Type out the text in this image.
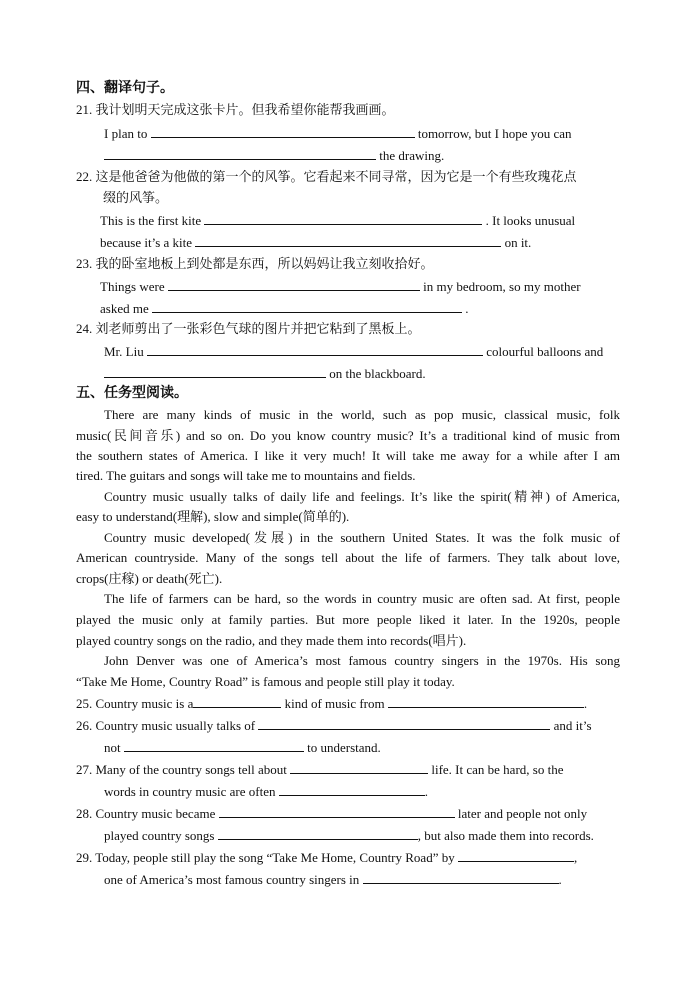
四、翻译句子。
21. 我计划明天完成这张卡片。但我希望你能帮我画画。
I plan to	tomorrow, but I hope you can
the drawing.
22. 这是他爸爸为他做的第一个的风筝。它看起来不同寻常，因为它是一个有些玫瑰花点
缀的风筝。
This is the first kite	. It looks unusual
because it’s a kite	on it.
23. 我的卧室地板上到处都是东西，所以妈妈让我立刻收拾好。
Things were	in my bedroom, so my mother
asked me	.
24. 刘老师剪出了一张彩色气球的图片并把它粘到了黑板上。
Mr. Liu	colourful balloons and
on the blackboard.
五、任务型阅读。
There are many kinds of music in the world, such as pop music, classical music, folk
music(民间音乐) and so on. Do you know country music? It’s a traditional kind of music from
the southern states of America. I like it very much! It will take me away for a while after I am
tired. The guitars and songs will take me to mountains and fields.
Country music usually talks of daily life and feelings. It’s like the spirit(精神) of America,
easy to understand(理解), slow and simple(简单的).
Country music developed(发展) in the southern United States. It was the folk music of
American countryside. Many of the songs tell about the life of farmers. They talk about love,
crops(庄稼) or death(死亡).
The life of farmers can be hard, so the words in country music are often sad. At first, people
played the music only at family parties. But more people liked it later. In the 1920s, people
played country songs on the radio, and they made them into records(唱片).
John Denver was one of America’s most famous country singers in the 1970s. His song
“Take Me Home, Country Road” is famous and people still play it today.
25. Country music is a	kind of music from	.
26. Country music usually talks of	and it’s
not	to understand.
27. Many of the country songs tell about	life. It can be hard, so the
words in country music are often	.
28. Country music became	later and people not only
played country songs	, but also made them into records.
29. Today, people still play the song “Take Me Home, Country Road” by	,
one of America’s most famous country singers in	.
